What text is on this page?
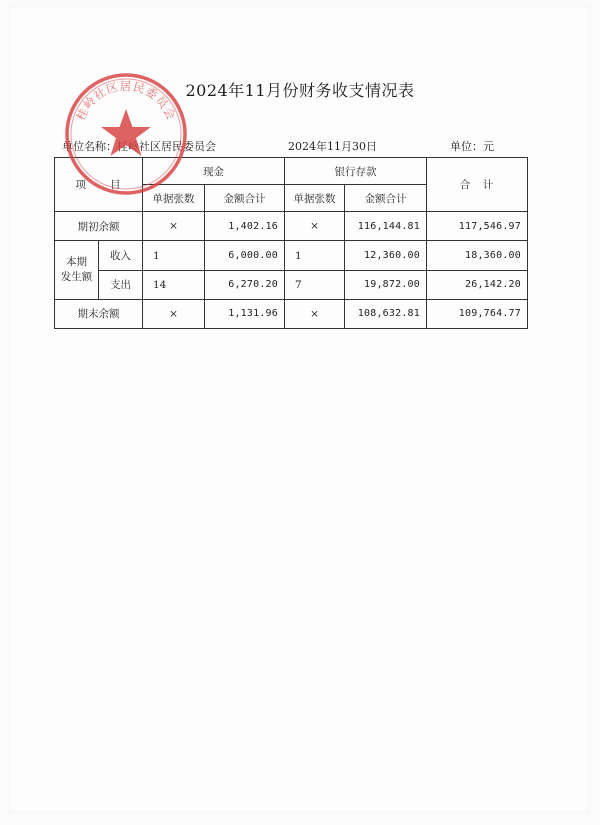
2024年11月份财务收支情况表
单位名称：桂岭社区居民委员会	2024年11月30日	单位：元
项　　目		现金		银行存款		合　计
		单据张数	金额合计	单据张数	金额合计	
期初余额		×	1,402.16	×	116,144.81	117,546.97
本期
发生额	收入	1	6,000.00	1	12,360.00	18,360.00
	支出	14	6,270.20	7	19,872.00	26,142.20
期末余额		×	1,131.96	×	108,632.81	109,764.77
桂岭社区居民委员会
